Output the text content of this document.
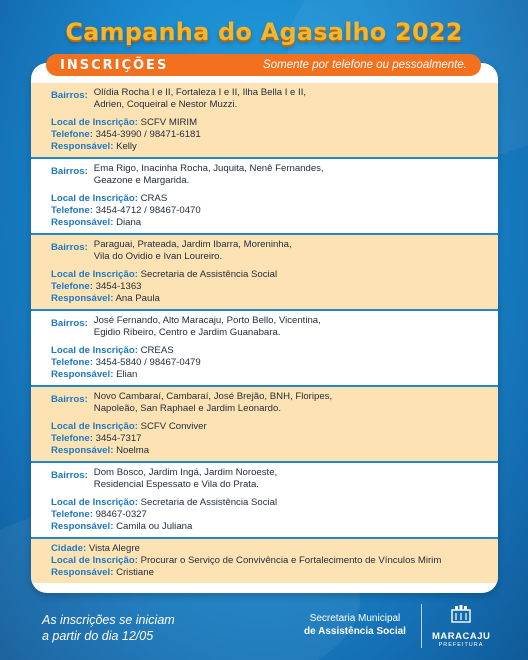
Campanha do Agasalho 2022
INSCRIÇÕES	Somente por telefone ou pessoalmente.
Bairros: Olídia Rocha I e II, Fortaleza I e II, Ilha Bella I e II,
Adrien, Coqueiral e Nestor Muzzi.
Local de Inscrição: SCFV MIRIM
Telefone: 3454-3990 / 98471-6181
Responsável: Kelly
Bairros: Ema Rigo, Inacinha Rocha, Juquita, Nenê Fernandes,
Geazone e Margarida.
Local de Inscrição: CRAS
Telefone: 3454-4712 / 98467-0470
Responsável: Diana
Bairros: Paraguai, Prateada, Jardim Ibarra, Moreninha,
Vila do Ovidio e Ivan Loureiro.
Local de Inscrição: Secretaria de Assistência Social
Telefone: 3454-1363
Responsável: Ana Paula
Bairros: José Fernando, Alto Maracaju, Porto Bello, Vicentina,
Egidio Ribeiro, Centro e Jardim Guanabara.
Local de Inscrição: CREAS
Telefone: 3454-5840 / 98467-0479
Responsável: Elian
Bairros: Novo Cambaraí, Cambaraí, José Brejão, BNH, Floripes,
Napoleão, San Raphael e Jardim Leonardo.
Local de Inscrição: SCFV Conviver
Telefone: 3454-7317
Responsável: Noelma
Bairros: Dom Bosco, Jardim Ingá, Jardim Noroeste,
Residencial Espessato e Vila do Prata.
Local de Inscrição: Secretaria de Assistência Social
Telefone: 98467-0327
Responsável: Camila ou Juliana
Cidade: Vista Alegre
Local de Inscrição: Procurar o Serviço de Convivência e Fortalecimento de Vínculos Mirim
Responsável: Cristiane
As inscrições se iniciam
a partir do dia 12/05
Secretaria Municipal
de Assistência Social	MARACAJU
PREFEITURA
